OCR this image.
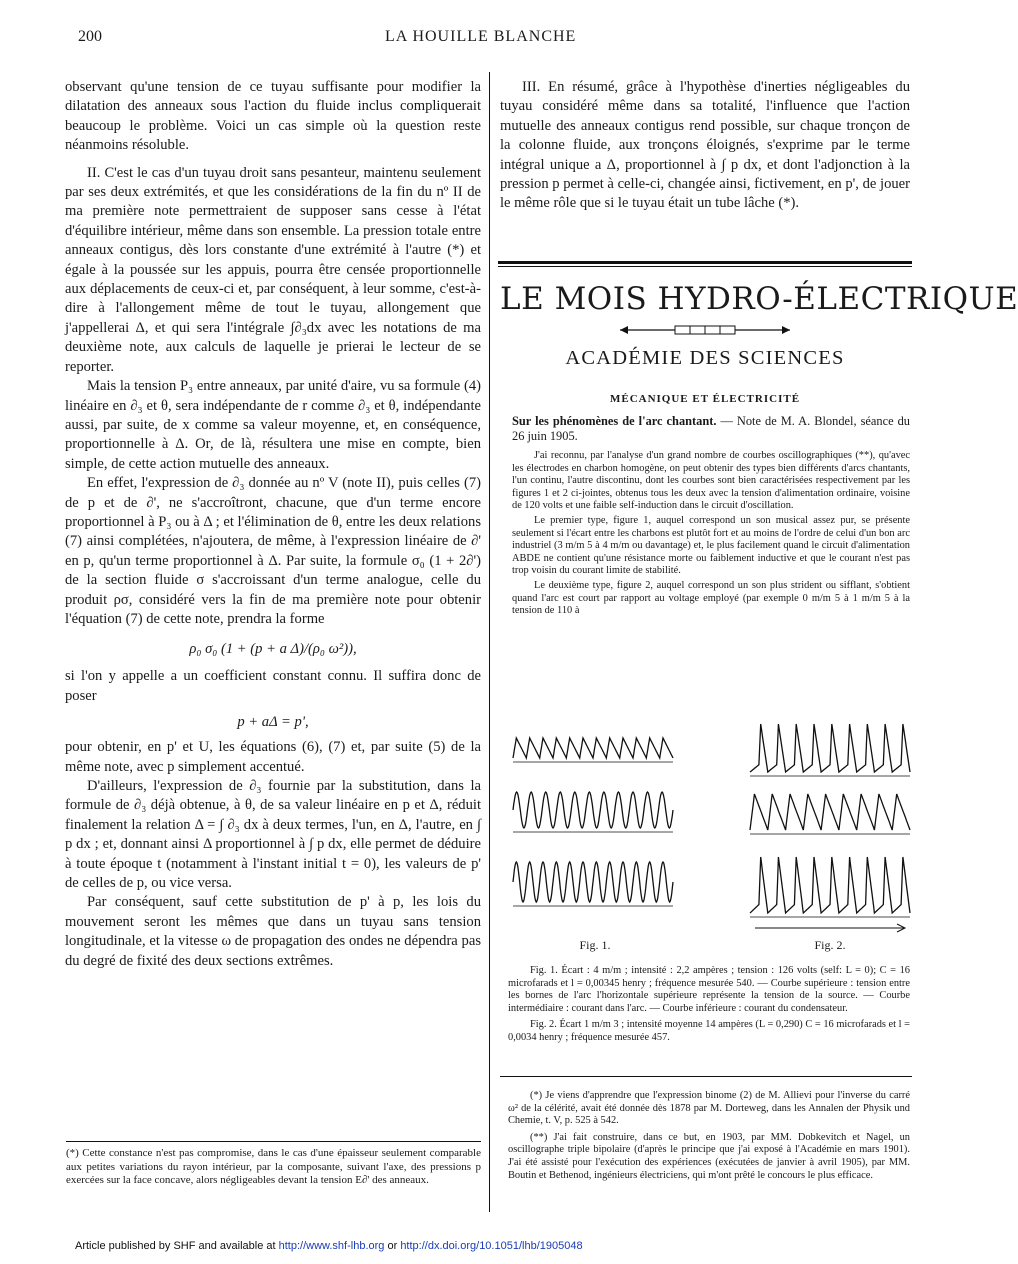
200	LA HOUILLE BLANCHE

observant qu'une tension de ce tuyau suffisante pour modifier la dilatation des anneaux sous l'action du fluide inclus compliquerait beaucoup le problème. Voici un cas simple où la question reste néanmoins résoluble.

II. C'est le cas d'un tuyau droit sans pesanteur, maintenu seulement par ses deux extrémités, et que les considérations de la fin du nº II de ma première note permettraient de supposer sans cesse à l'état d'équilibre intérieur, même dans son ensemble. La pression totale entre anneaux contigus, dès lors constante d'une extrémité à l'autre (*) et égale à la poussée sur les appuis, pourra être censée proportionnelle aux déplacements de ceux-ci et, par conséquent, à leur somme, c'est-à-dire à l'allongement même de tout le tuyau, allongement que j'appellerai Δ, et qui sera l'intégrale ∫∂₃dx avec les notations de ma deuxième note, aux calculs de laquelle je prierai le lecteur de se reporter.

Mais la tension P₃ entre anneaux, par unité d'aire, vu sa formule (4) linéaire en ∂₃ et θ, sera indépendante de r comme ∂₃ et θ, indépendante aussi, par suite, de x comme sa valeur moyenne, et, en conséquence, proportionnelle à Δ. Or, de là, résultera une mise en compte, bien simple, de cette action mutuelle des anneaux.

En effet, l'expression de ∂₃ donnée au nº V (note II), puis celles (7) de p et de ∂', ne s'accroîtront, chacune, que d'un terme encore proportionnel à P₃ ou à Δ ; et l'élimination de θ, entre les deux relations (7) ainsi complétées, n'ajoutera, de même, à l'expression linéaire de ∂' en p, qu'un terme proportionnel à Δ. Par suite, la formule σ₀ (1 + 2∂') de la section fluide σ s'accroissant d'un terme analogue, celle du produit ρσ, considéré vers la fin de ma première note pour obtenir l'équation (7) de cette note, prendra la forme

ρ₀ σ₀ (1 + (p + a Δ)/(ρ₀ ω²)),

si l'on y appelle a un coefficient constant connu. Il suffira donc de poser

p + aΔ = p',

pour obtenir, en p' et U, les équations (6), (7) et, par suite (5) de la même note, avec p simplement accentué.

D'ailleurs, l'expression de ∂₃ fournie par la substitution, dans la formule de ∂₃ déjà obtenue, à θ, de sa valeur linéaire en p et Δ, réduit finalement la relation Δ = ∫ ∂₃ dx à deux termes, l'un, en Δ, l'autre, en ∫ p dx ; et, donnant ainsi Δ proportionnel à ∫ p dx, elle permet de déduire à toute époque t (notamment à l'instant initial t = 0), les valeurs de p' de celles de p, ou vice versa.

Par conséquent, sauf cette substitution de p' à p, les lois du mouvement seront les mêmes que dans un tuyau sans tension longitudinale, et la vitesse ω de propagation des ondes ne dépendra pas du degré de fixité des deux sections extrêmes.

(*) Cette constance n'est pas compromise, dans le cas d'une épaisseur seulement comparable aux petites variations du rayon intérieur, par la composante, suivant l'axe, des pressions p exercées sur la face concave, alors négligeables devant la tension E∂' des anneaux.

III. En résumé, grâce à l'hypothèse d'inerties négligeables du tuyau considéré même dans sa totalité, l'influence que l'action mutuelle des anneaux contigus rend possible, sur chaque tronçon de la colonne fluide, aux tronçons éloignés, s'exprime par le terme intégral unique a Δ, proportionnel à ∫ p dx, et dont l'adjonction à la pression p permet à celle-ci, changée ainsi, fictivement, en p', de jouer le même rôle que si le tuyau était un tube lâche (*).

LE MOIS HYDRO-ÉLECTRIQUE
ACADÉMIE DES SCIENCES
MÉCANIQUE ET ÉLECTRICITÉ

Sur les phénomènes de l'arc chantant. — Note de M. A. Blondel, séance du 26 juin 1905.

J'ai reconnu, par l'analyse d'un grand nombre de courbes oscillographiques (**), qu'avec les électrodes en charbon homogène, on peut obtenir des types bien différents d'arcs chantants, l'un continu, l'autre discontinu, dont les courbes sont bien caractérisées respectivement par les figures 1 et 2 ci-jointes, obtenus tous les deux avec la tension d'alimentation ordinaire, voisine de 120 volts et une faible self-induction dans le circuit d'oscillation.

Le premier type, figure 1, auquel correspond un son musical assez pur, se présente seulement si l'écart entre les charbons est plutôt fort et au moins de l'ordre de celui d'un bon arc industriel (3 m/m 5 à 4 m/m ou davantage) et, le plus facilement quand le circuit d'alimentation ABDE ne contient qu'une résistance morte ou faiblement inductive et que le courant n'est pas trop voisin du courant limite de stabilité.

Le deuxième type, figure 2, auquel correspond un son plus strident ou sifflant, s'obtient quand l'arc est court par rapport au voltage employé (par exemple 0 m/m 5 à 1 m/m 5 à la tension de 110 à

Fig. 1.	Fig. 2.

Fig. 1. Écart : 4 m/m ; intensité : 2,2 ampères ; tension : 126 volts (self: L = 0); C = 16 microfarads et l = 0,00345 henry ; fréquence mesurée 540. — Courbe supérieure : tension entre les bornes de l'arc l'horizontale supérieure représente la tension de la source. — Courbe intermédiaire : courant dans l'arc. — Courbe inférieure : courant du condensateur.

Fig. 2. Écart 1 m/m 3 ; intensité moyenne 14 ampères (L = 0,290) C = 16 microfarads et l = 0,0034 henry ; fréquence mesurée 457.

(*) Je viens d'apprendre que l'expression binome (2) de M. Allievi pour l'inverse du carré ω² de la célérité, avait été donnée dès 1878 par M. Dorteweg, dans les Annalen der Physik und Chemie, t. V, p. 525 à 542.

(**) J'ai fait construire, dans ce but, en 1903, par MM. Dobkevitch et Nagel, un oscillographe triple bipolaire (d'après le principe que j'ai exposé à l'Académie en mars 1901). J'ai été assisté pour l'exécution des expériences (exécutées de janvier à avril 1905), par MM. Boutin et Bethenod, ingénieurs électriciens, qui m'ont prêté le concours le plus efficace.

Article published by SHF and available at http://www.shf-lhb.org or http://dx.doi.org/10.1051/lhb/1905048
